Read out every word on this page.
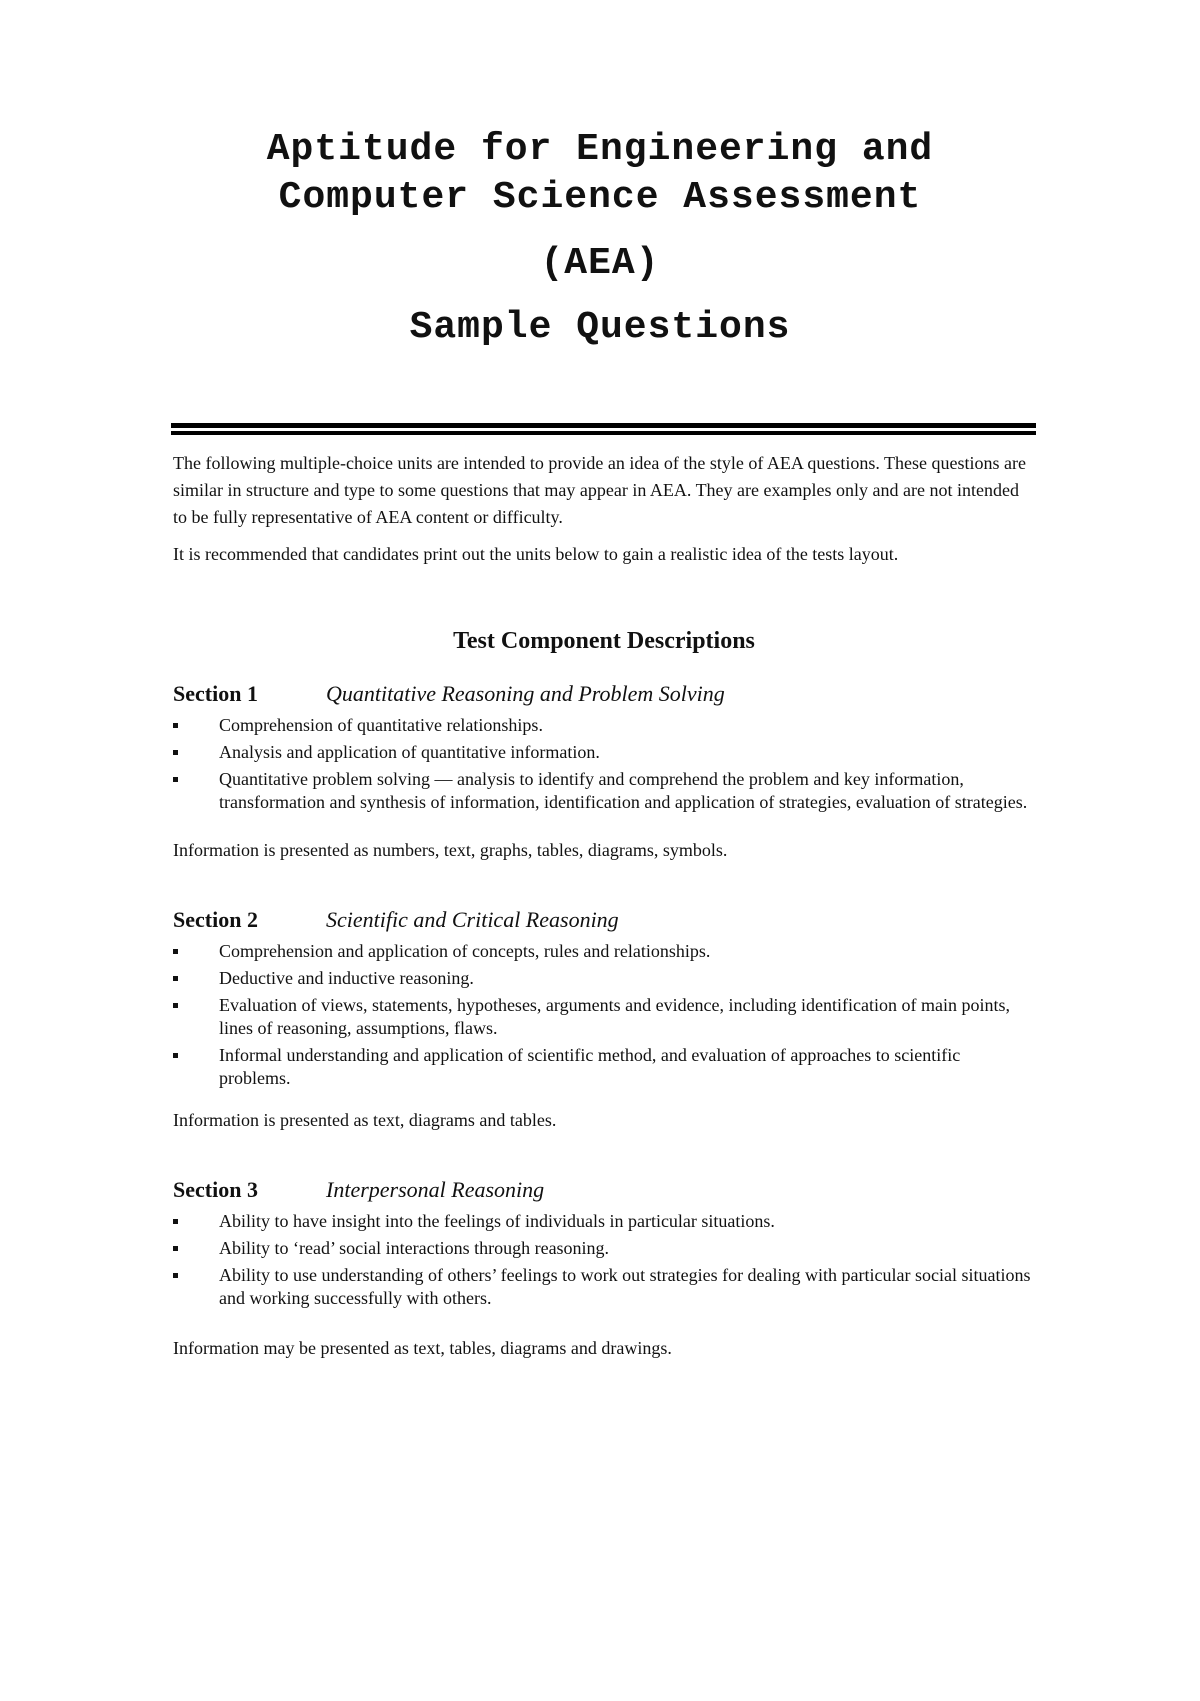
Aptitude for Engineering and

Computer Science Assessment

(AEA)

Sample Questions

The following multiple-choice units are intended to provide an idea of the style of AEA questions. These questions are similar in structure and type to some questions that may appear in AEA. They are examples only and are not intended to be fully representative of AEA content or difficulty.

It is recommended that candidates print out the units below to gain a realistic idea of the tests layout.

Test Component Descriptions
Section 1	Quantitative Reasoning and Problem Solving
Comprehension of quantitative relationships.
Analysis and application of quantitative information.
Quantitative problem solving — analysis to identify and comprehend the problem and key information, transformation and synthesis of information, identification and application of strategies, evaluation of strategies.

Information is presented as numbers, text, graphs, tables, diagrams, symbols.

Section 2	Scientific and Critical Reasoning
Comprehension and application of concepts, rules and relationships.
Deductive and inductive reasoning.
Evaluation of views, statements, hypotheses, arguments and evidence, including identification of main points, lines of reasoning, assumptions, flaws.
Informal understanding and application of scientific method, and evaluation of approaches to scientific problems.

Information is presented as text, diagrams and tables.

Section 3	Interpersonal Reasoning
Ability to have insight into the feelings of individuals in particular situations.
Ability to ‘read’ social interactions through reasoning.
Ability to use understanding of others’ feelings to work out strategies for dealing with particular social situations and working successfully with others.

Information may be presented as text, tables, diagrams and drawings.
